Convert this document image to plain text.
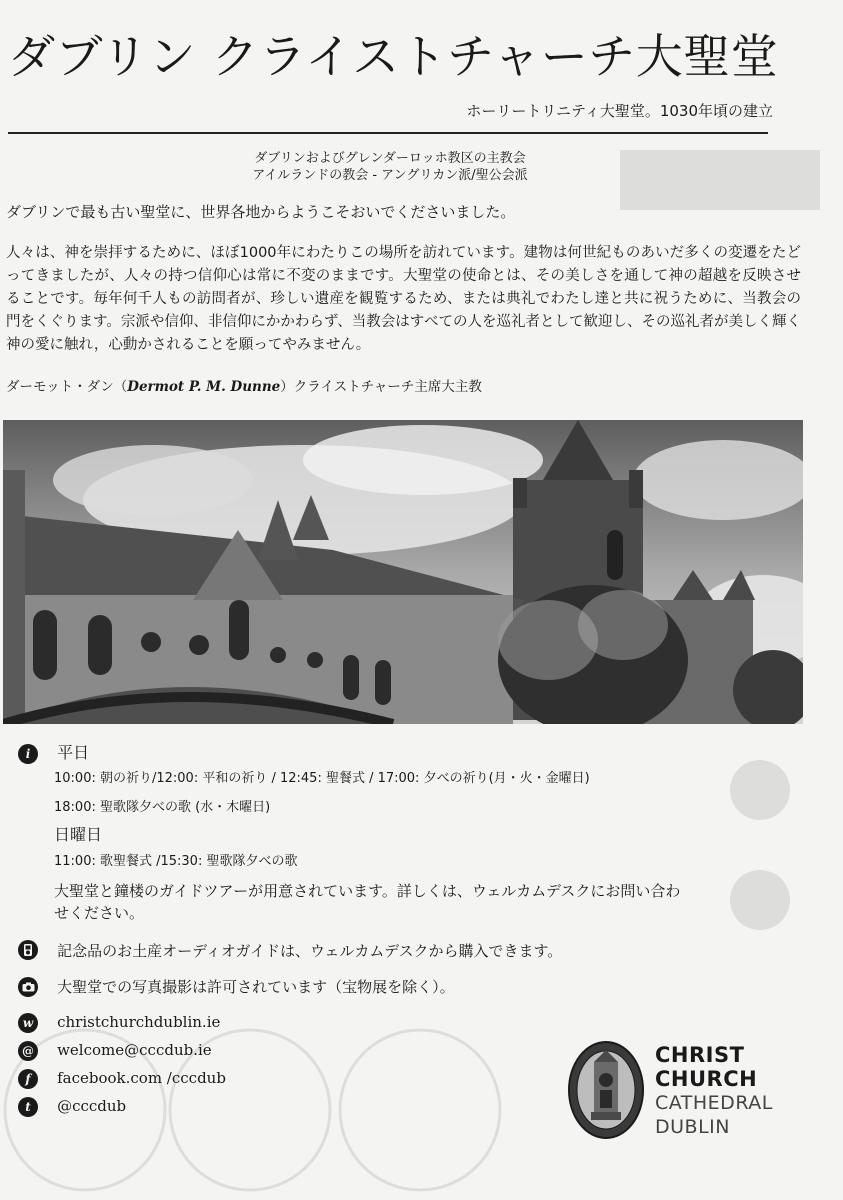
ダブリン クライストチャーチ大聖堂
ホーリートリニティ大聖堂。1030年頃の建立
ダブリンおよびグレンダーロッホ教区の主教会
アイルランドの教会 - アングリカン派/聖公会派
ダブリンで最も古い聖堂に、世界各地からようこそおいでくださいました。
人々は、神を崇拝するために、ほぼ1000年にわたりこの場所を訪れています。建物は何世紀ものあいだ多くの変遷をたどってきましたが、人々の持つ信仰心は常に不変のままです。大聖堂の使命とは、その美しさを通して神の超越を反映させることです。毎年何千人もの訪問者が、珍しい遺産を観覧するため、または典礼でわたし達と共に祝うために、当教会の門をくぐります。宗派や信仰、非信仰にかかわらず、当教会はすべての人を巡礼者として歓迎し、その巡礼者が美しく輝く神の愛に触れ，心動かされることを願ってやみません。
ダーモット・ダン（Dermot P. M. Dunne）クライストチャーチ主席大主教
i 平日
10:00: 朝の祈り/12:00: 平和の祈り / 12:45: 聖餐式 / 17:00: 夕べの祈り(月・火・金曜日)
18:00: 聖歌隊夕べの歌 (水・木曜日)
日曜日
11:00: 歌聖餐式 /15:30: 聖歌隊夕べの歌
大聖堂と鐘楼のガイドツアーが用意されています。詳しくは、ウェルカムデスクにお問い合わ
せください。
記念品のお土産オーディオガイドは、ウェルカムデスクから購入できます。
大聖堂での写真撮影は許可されています（宝物展を除く）。
w christchurchdublin.ie
@ welcome@cccdub.ie
f facebook.com /cccdub
t @cccdub
CHRIST
CHURCH
CATHEDRAL
DUBLIN
